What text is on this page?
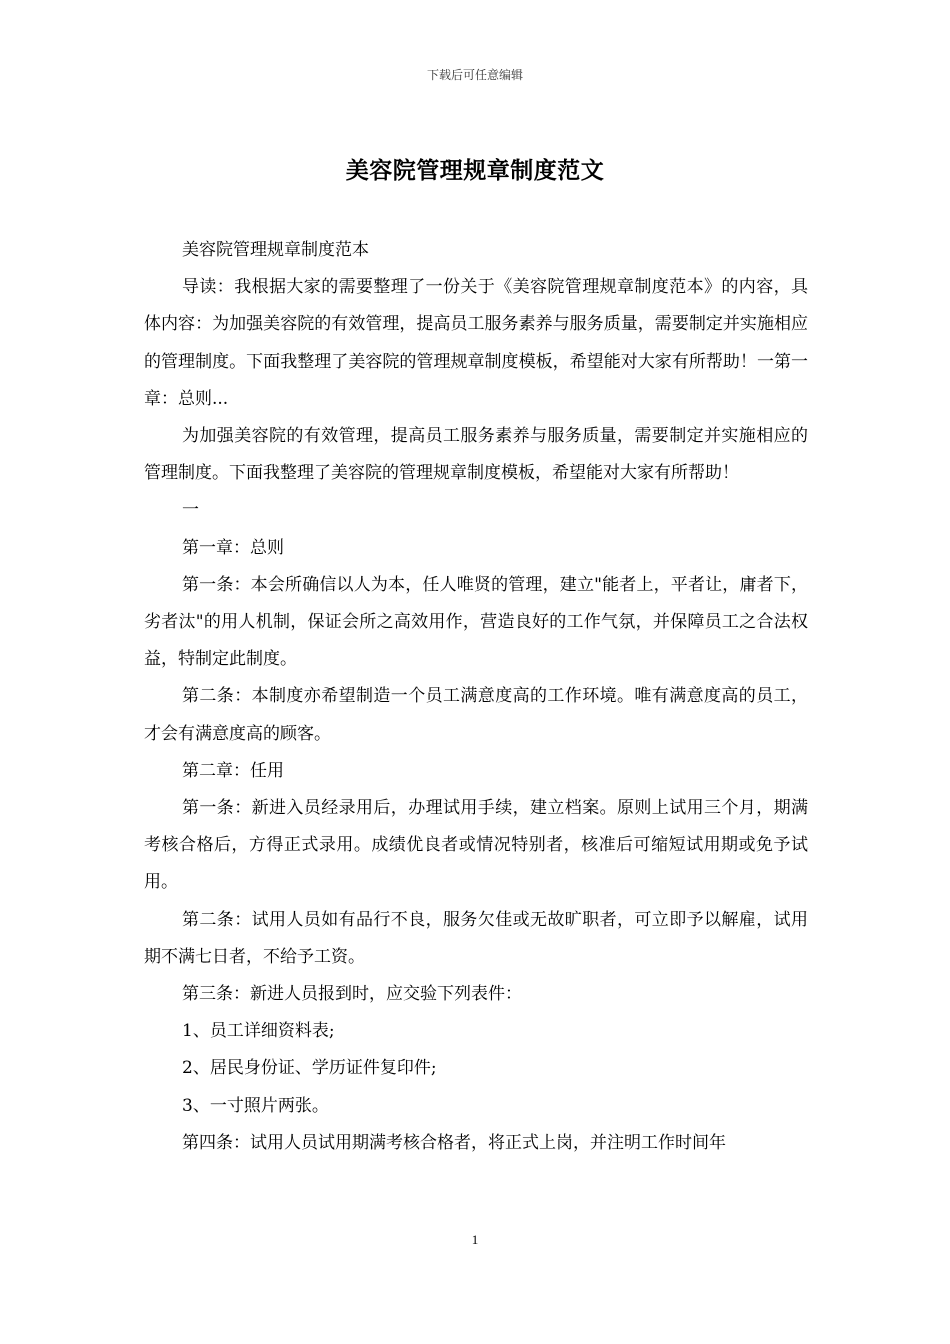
下载后可任意编辑
美容院管理规章制度范文

美容院管理规章制度范本

导读：我根据大家的需要整理了一份关于《美容院管理规章制度范本》的内容，具体内容：为加强美容院的有效管理，提高员工服务素养与服务质量，需要制定并实施相应的管理制度。下面我整理了美容院的管理规章制度模板，希望能对大家有所帮助！一第一章：总则...

为加强美容院的有效管理，提高员工服务素养与服务质量，需要制定并实施相应的管理制度。下面我整理了美容院的管理规章制度模板，希望能对大家有所帮助！

一

第一章：总则

第一条：本会所确信以人为本，任人唯贤的管理，建立"能者上，平者让，庸者下，劣者汰"的用人机制，保证会所之高效用作，营造良好的工作气氛，并保障员工之合法权益，特制定此制度。

第二条：本制度亦希望制造一个员工满意度高的工作环境。唯有满意度高的员工，才会有满意度高的顾客。

第二章：任用

第一条：新进入员经录用后，办理试用手续，建立档案。原则上试用三个月，期满考核合格后，方得正式录用。成绩优良者或情况特别者，核准后可缩短试用期或免予试用。

第二条：试用人员如有品行不良，服务欠佳或无故旷职者，可立即予以解雇，试用期不满七日者，不给予工资。

第三条：新进人员报到时，应交验下列表件：

1、员工详细资料表;

2、居民身份证、学历证件复印件;

3、一寸照片两张。

第四条：试用人员试用期满考核合格者，将正式上岗，并注明工作时间年

1
